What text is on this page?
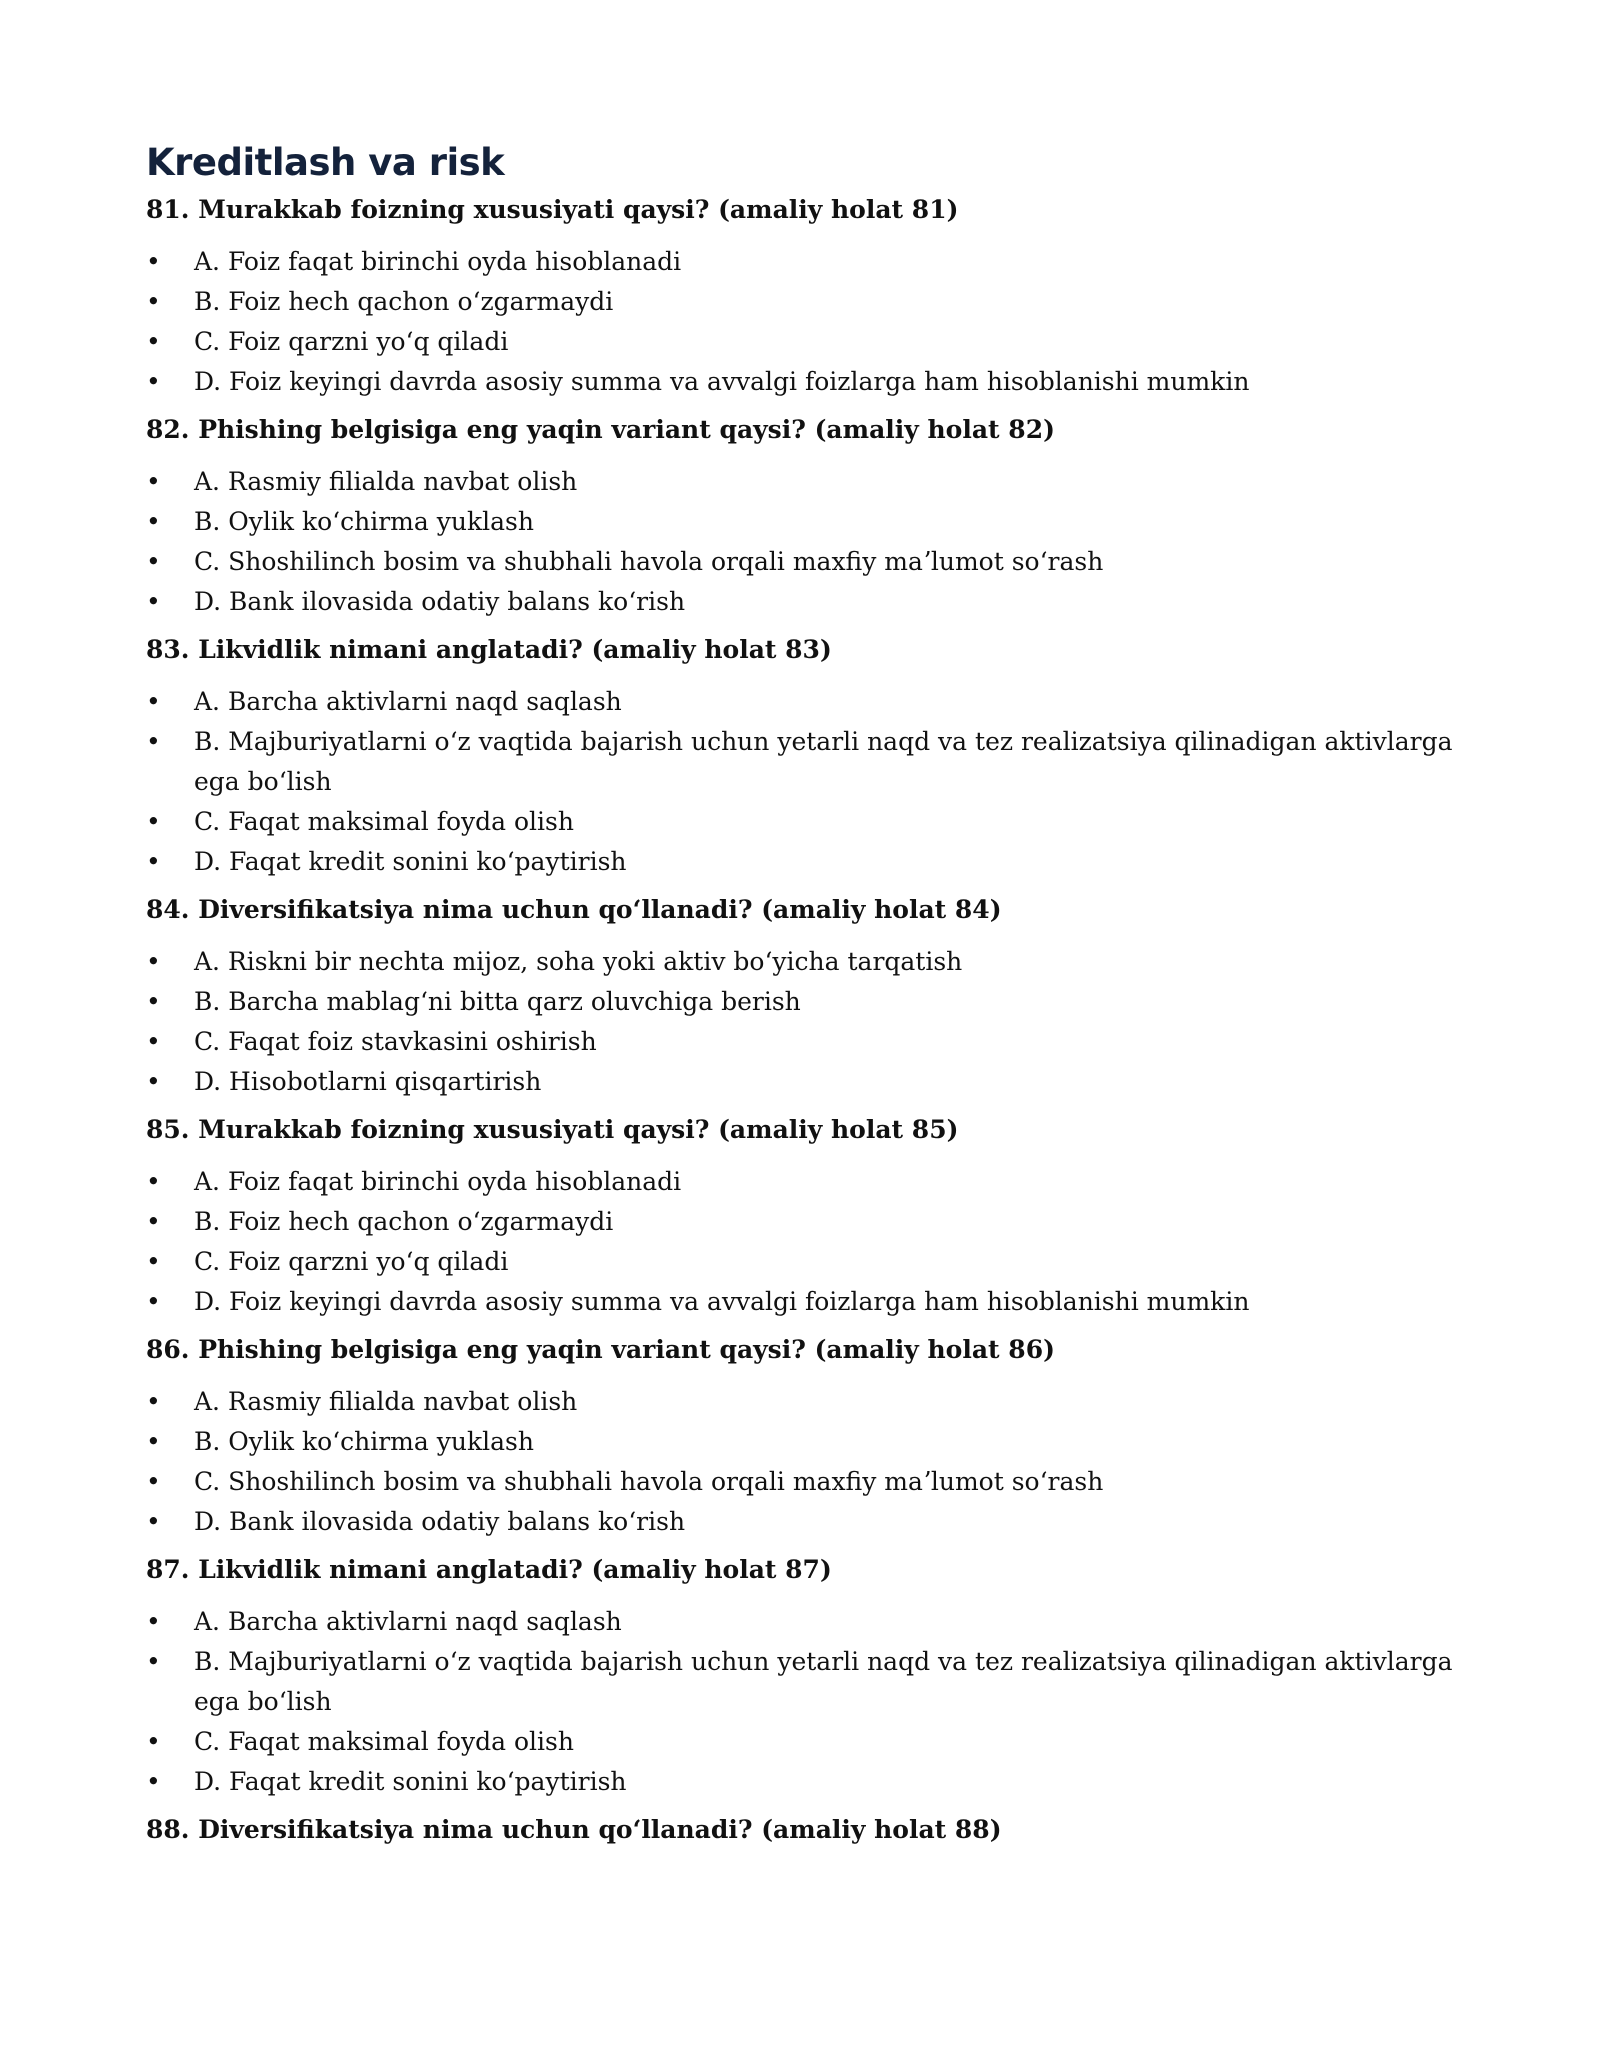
Kreditlash va risk

81. Murakkab foizning xususiyati qaysi? (amaliy holat 81)

• A. Foiz faqat birinchi oyda hisoblanadi
• B. Foiz hech qachon oʻzgarmaydi
• C. Foiz qarzni yoʻq qiladi
• D. Foiz keyingi davrda asosiy summa va avvalgi foizlarga ham hisoblanishi mumkin

82. Phishing belgisiga eng yaqin variant qaysi? (amaliy holat 82)

• A. Rasmiy filialda navbat olish
• B. Oylik koʻchirma yuklash
• C. Shoshilinch bosim va shubhali havola orqali maxfiy maʼlumot soʻrash
• D. Bank ilovasida odatiy balans koʻrish

83. Likvidlik nimani anglatadi? (amaliy holat 83)

• A. Barcha aktivlarni naqd saqlash
• B. Majburiyatlarni oʻz vaqtida bajarish uchun yetarli naqd va tez realizatsiya qilinadigan aktivlarga ega boʻlish
• C. Faqat maksimal foyda olish
• D. Faqat kredit sonini koʻpaytirish

84. Diversifikatsiya nima uchun qoʻllanadi? (amaliy holat 84)

• A. Riskni bir nechta mijoz, soha yoki aktiv boʻyicha tarqatish
• B. Barcha mablagʻni bitta qarz oluvchiga berish
• C. Faqat foiz stavkasini oshirish
• D. Hisobotlarni qisqartirish

85. Murakkab foizning xususiyati qaysi? (amaliy holat 85)

• A. Foiz faqat birinchi oyda hisoblanadi
• B. Foiz hech qachon oʻzgarmaydi
• C. Foiz qarzni yoʻq qiladi
• D. Foiz keyingi davrda asosiy summa va avvalgi foizlarga ham hisoblanishi mumkin

86. Phishing belgisiga eng yaqin variant qaysi? (amaliy holat 86)

• A. Rasmiy filialda navbat olish
• B. Oylik koʻchirma yuklash
• C. Shoshilinch bosim va shubhali havola orqali maxfiy maʼlumot soʻrash
• D. Bank ilovasida odatiy balans koʻrish

87. Likvidlik nimani anglatadi? (amaliy holat 87)

• A. Barcha aktivlarni naqd saqlash
• B. Majburiyatlarni oʻz vaqtida bajarish uchun yetarli naqd va tez realizatsiya qilinadigan aktivlarga ega boʻlish
• C. Faqat maksimal foyda olish
• D. Faqat kredit sonini koʻpaytirish

88. Diversifikatsiya nima uchun qoʻllanadi? (amaliy holat 88)
